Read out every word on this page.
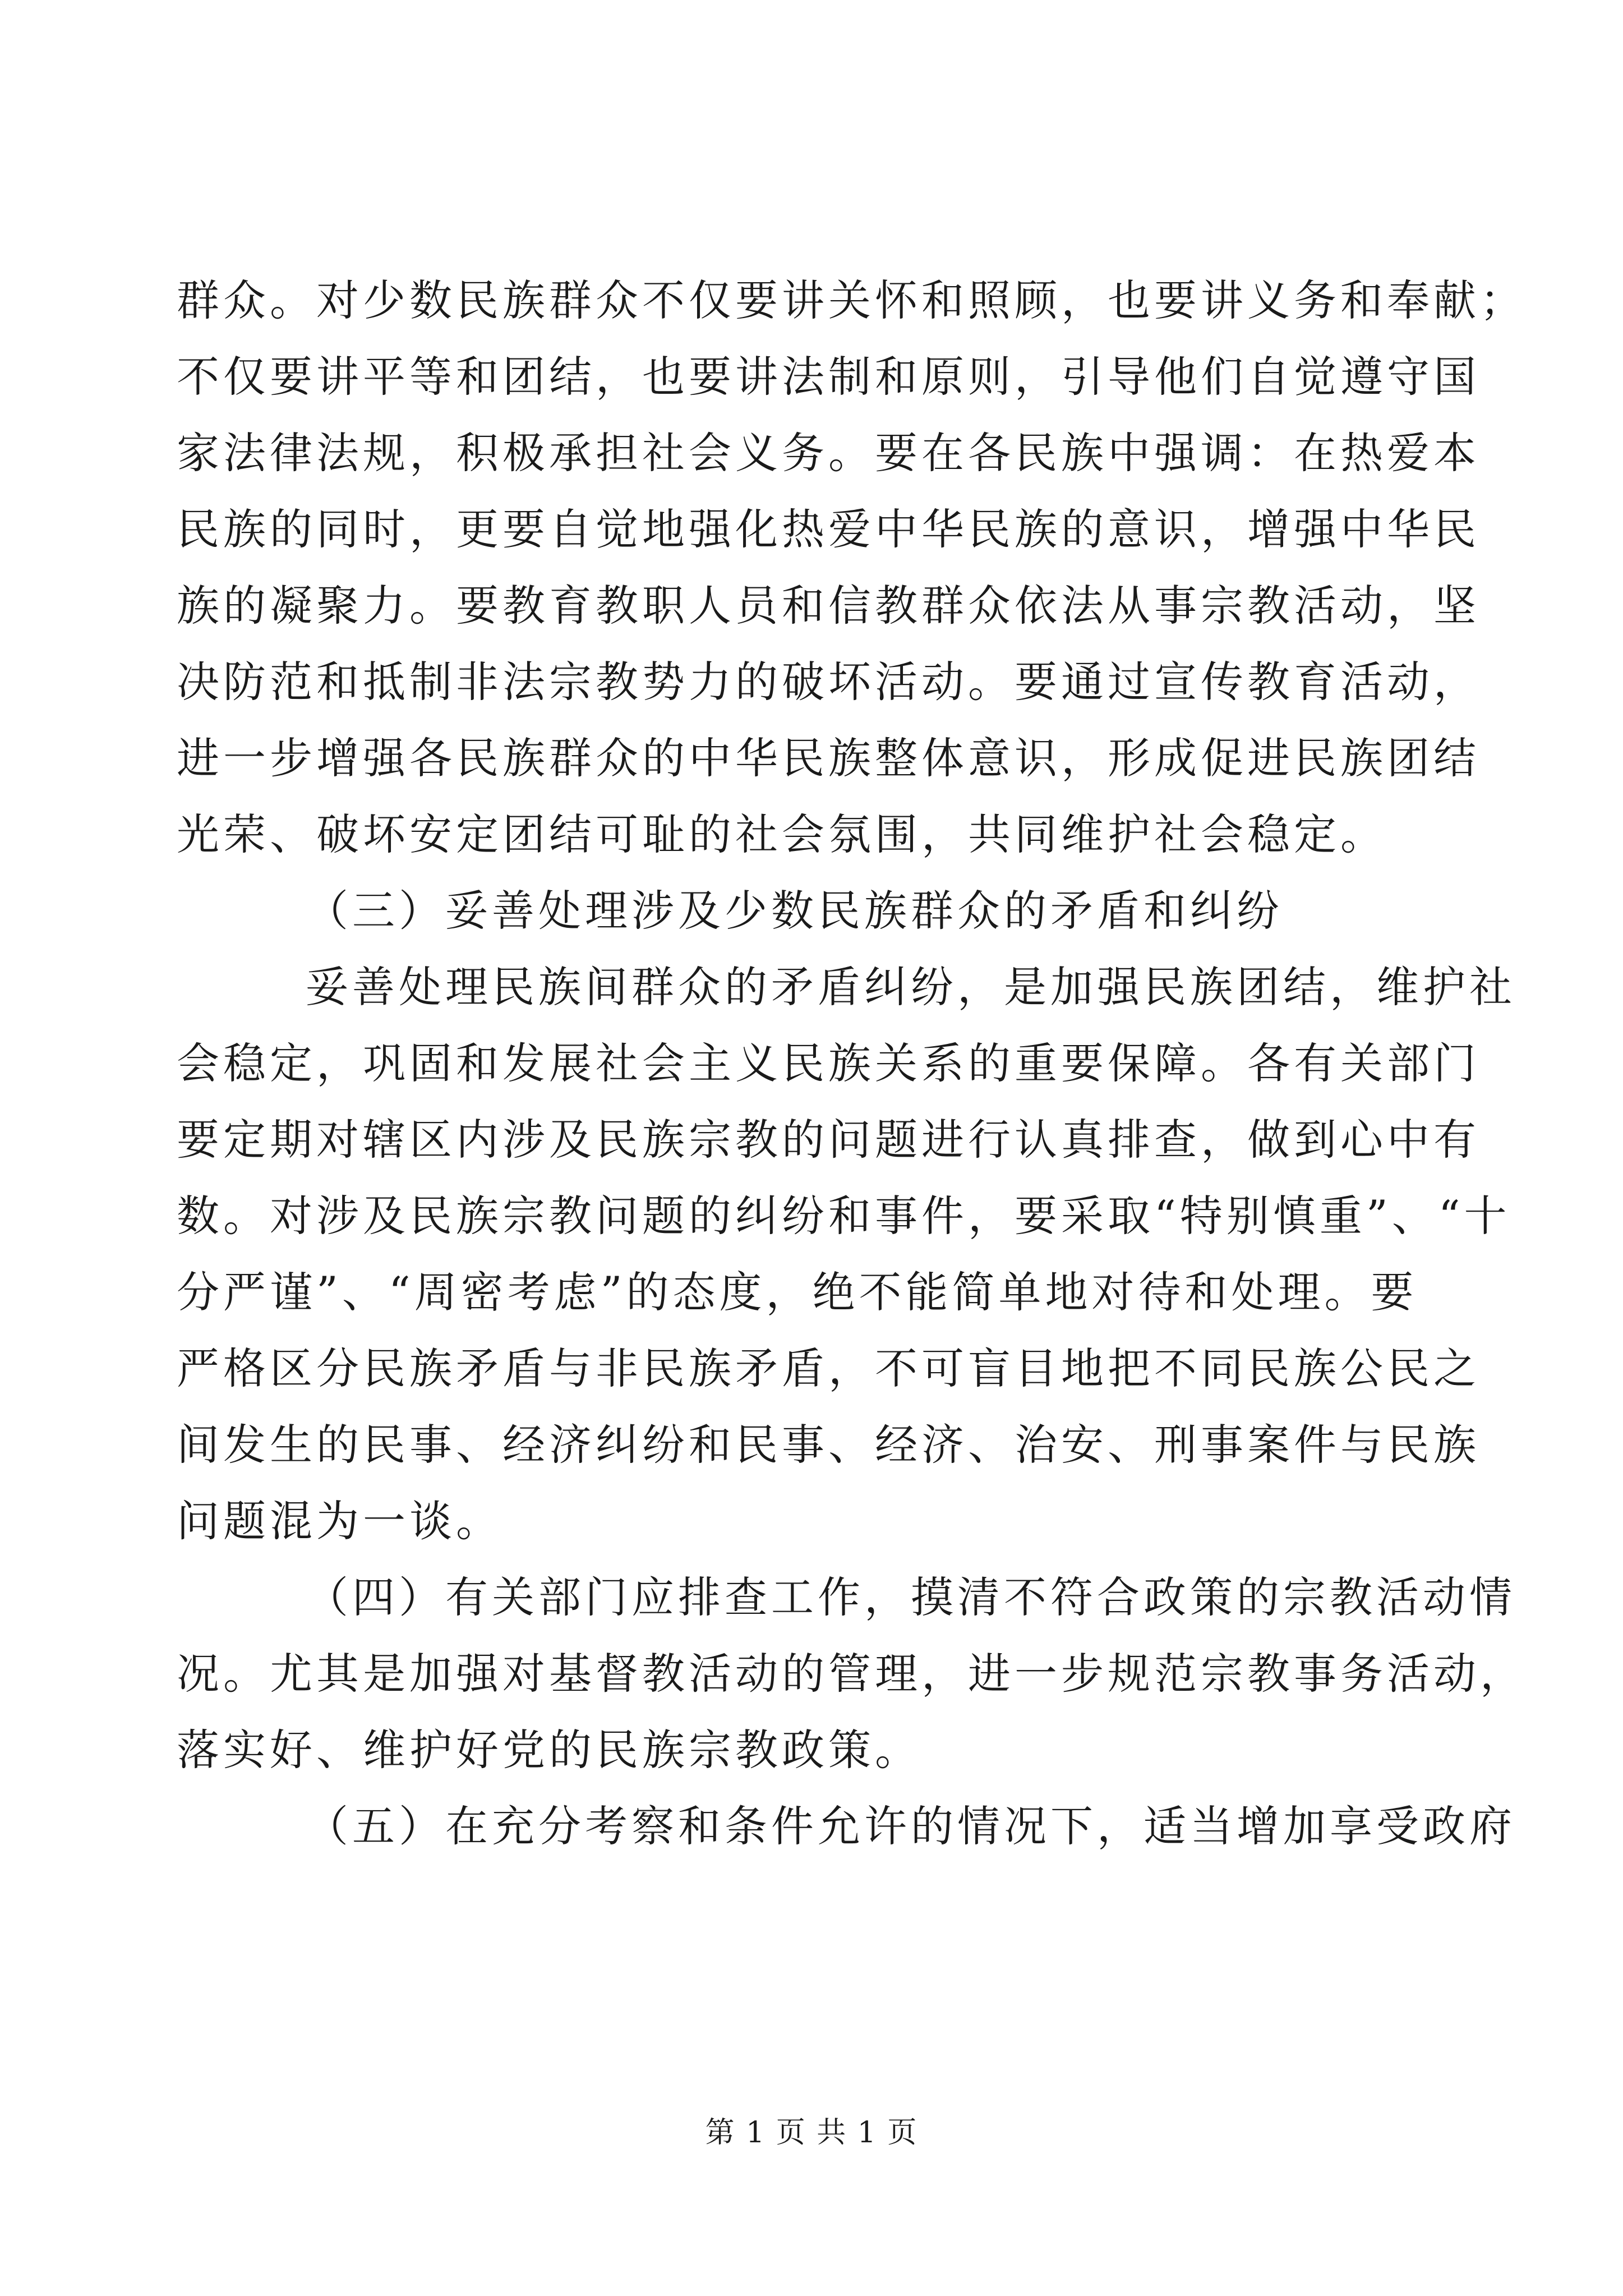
群众。对少数民族群众不仅要讲关怀和照顾，也要讲义务和奉献；
不仅要讲平等和团结，也要讲法制和原则，引导他们自觉遵守国
家法律法规，积极承担社会义务。要在各民族中强调：在热爱本
民族的同时，更要自觉地强化热爱中华民族的意识，增强中华民
族的凝聚力。要教育教职人员和信教群众依法从事宗教活动，坚
决防范和抵制非法宗教势力的破坏活动。要通过宣传教育活动，
进一步增强各民族群众的中华民族整体意识，形成促进民族团结
光荣、破坏安定团结可耻的社会氛围，共同维护社会稳定。
（三）妥善处理涉及少数民族群众的矛盾和纠纷
妥善处理民族间群众的矛盾纠纷，是加强民族团结，维护社
会稳定，巩固和发展社会主义民族关系的重要保障。各有关部门
要定期对辖区内涉及民族宗教的问题进行认真排查，做到心中有
数。对涉及民族宗教问题的纠纷和事件，要采取“特别慎重”、“十
分严谨”、“周密考虑”的态度，绝不能简单地对待和处理。要
严格区分民族矛盾与非民族矛盾，不可盲目地把不同民族公民之
间发生的民事、经济纠纷和民事、经济、治安、刑事案件与民族
问题混为一谈。
（四）有关部门应排查工作，摸清不符合政策的宗教活动情
况。尤其是加强对基督教活动的管理，进一步规范宗教事务活动，
落实好、维护好党的民族宗教政策。
（五）在充分考察和条件允许的情况下，适当增加享受政府
第 1 页 共 1 页
